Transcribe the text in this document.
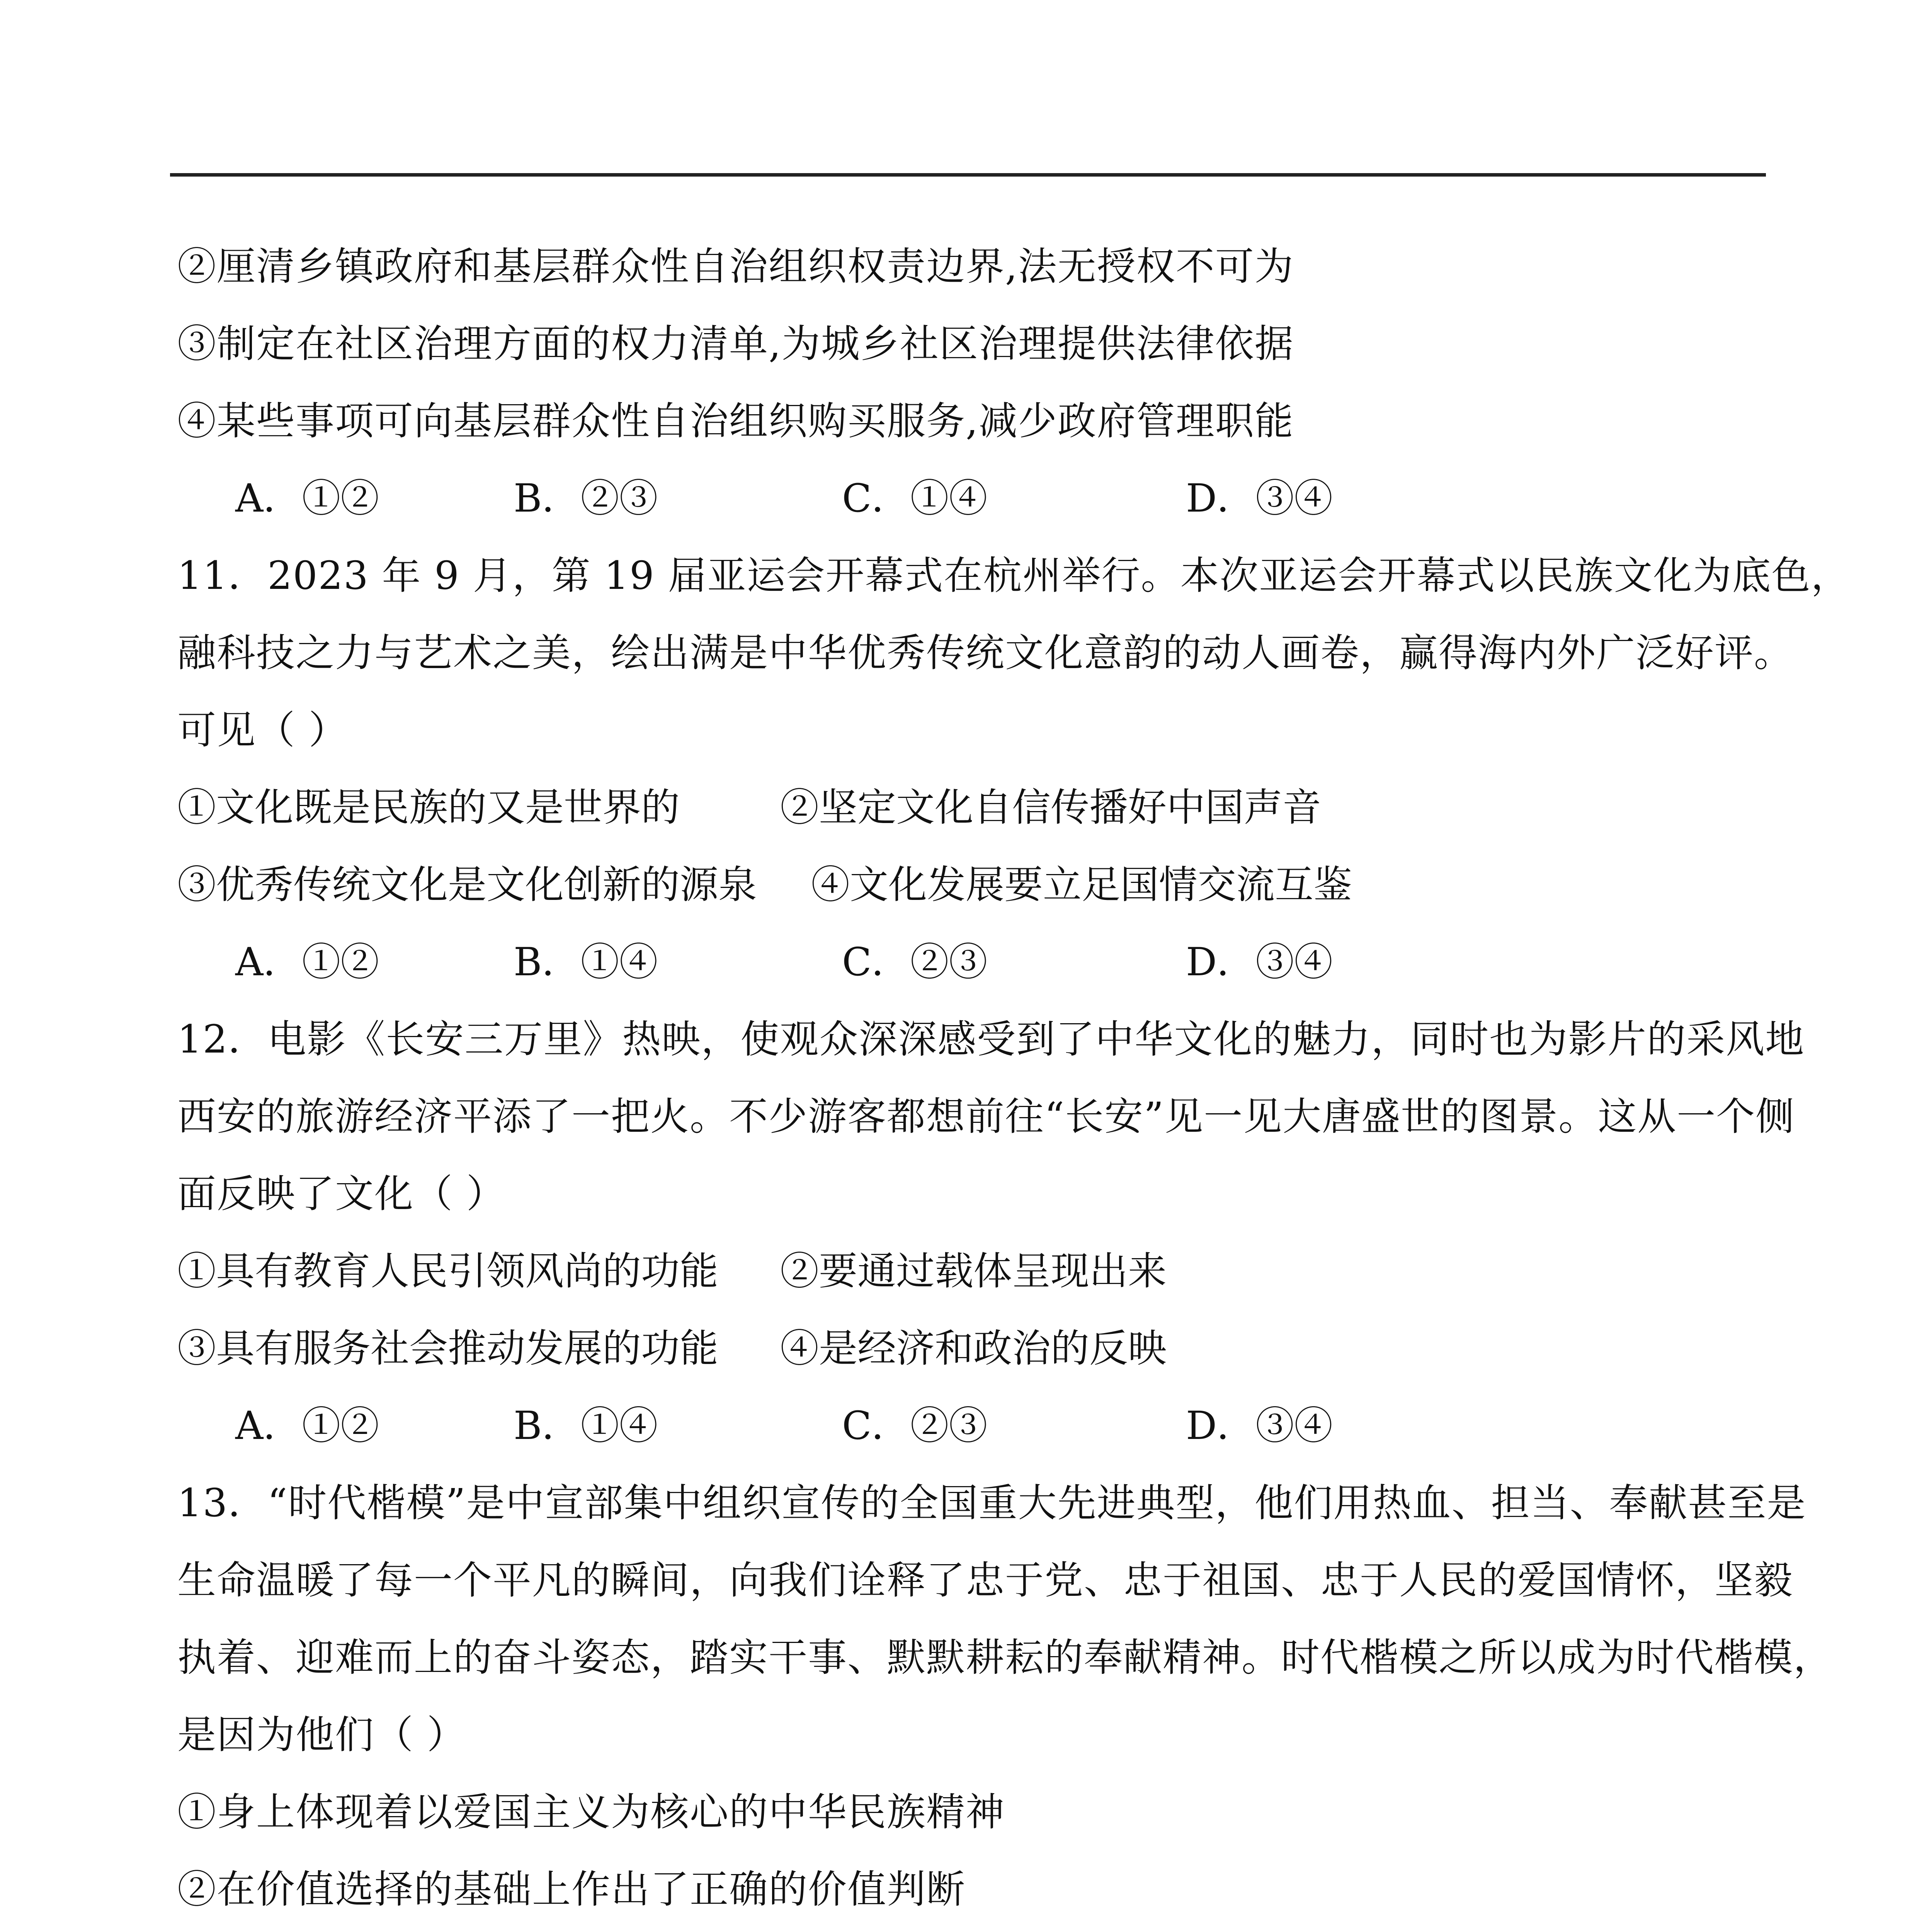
②厘清乡镇政府和基层群众性自治组织权责边界,法无授权不可为
③制定在社区治理方面的权力清单,为城乡社区治理提供法律依据
④某些事项可向基层群众性自治组织购买服务,减少政府管理职能
A．①②	B．②③	C．①④	D．③④
11．2023 年 9 月，第 19 届亚运会开幕式在杭州举行。本次亚运会开幕式以民族文化为底色，
融科技之力与艺术之美，绘出满是中华优秀传统文化意韵的动人画卷，赢得海内外广泛好评。
可见（ ）
①文化既是民族的又是世界的	②坚定文化自信传播好中国声音
③优秀传统文化是文化创新的源泉 ④文化发展要立足国情交流互鉴
A．①②	B．①④	C．②③	D．③④
12．电影《长安三万里》热映，使观众深深感受到了中华文化的魅力，同时也为影片的采风地
西安的旅游经济平添了一把火。不少游客都想前往“长安”见一见大唐盛世的图景。这从一个侧
面反映了文化（ ）
①具有教育人民引领风尚的功能 ②要通过载体呈现出来
③具有服务社会推动发展的功能 ④是经济和政治的反映
A．①②	B．①④	C．②③	D．③④
13．“时代楷模”是中宣部集中组织宣传的全国重大先进典型，他们用热血、担当、奉献甚至是
生命温暖了每一个平凡的瞬间，向我们诠释了忠于党、忠于祖国、忠于人民的爱国情怀，坚毅
执着、迎难而上的奋斗姿态，踏实干事、默默耕耘的奉献精神。时代楷模之所以成为时代楷模，
是因为他们（ ）
①身上体现着以爱国主义为核心的中华民族精神
②在价值选择的基础上作出了正确的价值判断
